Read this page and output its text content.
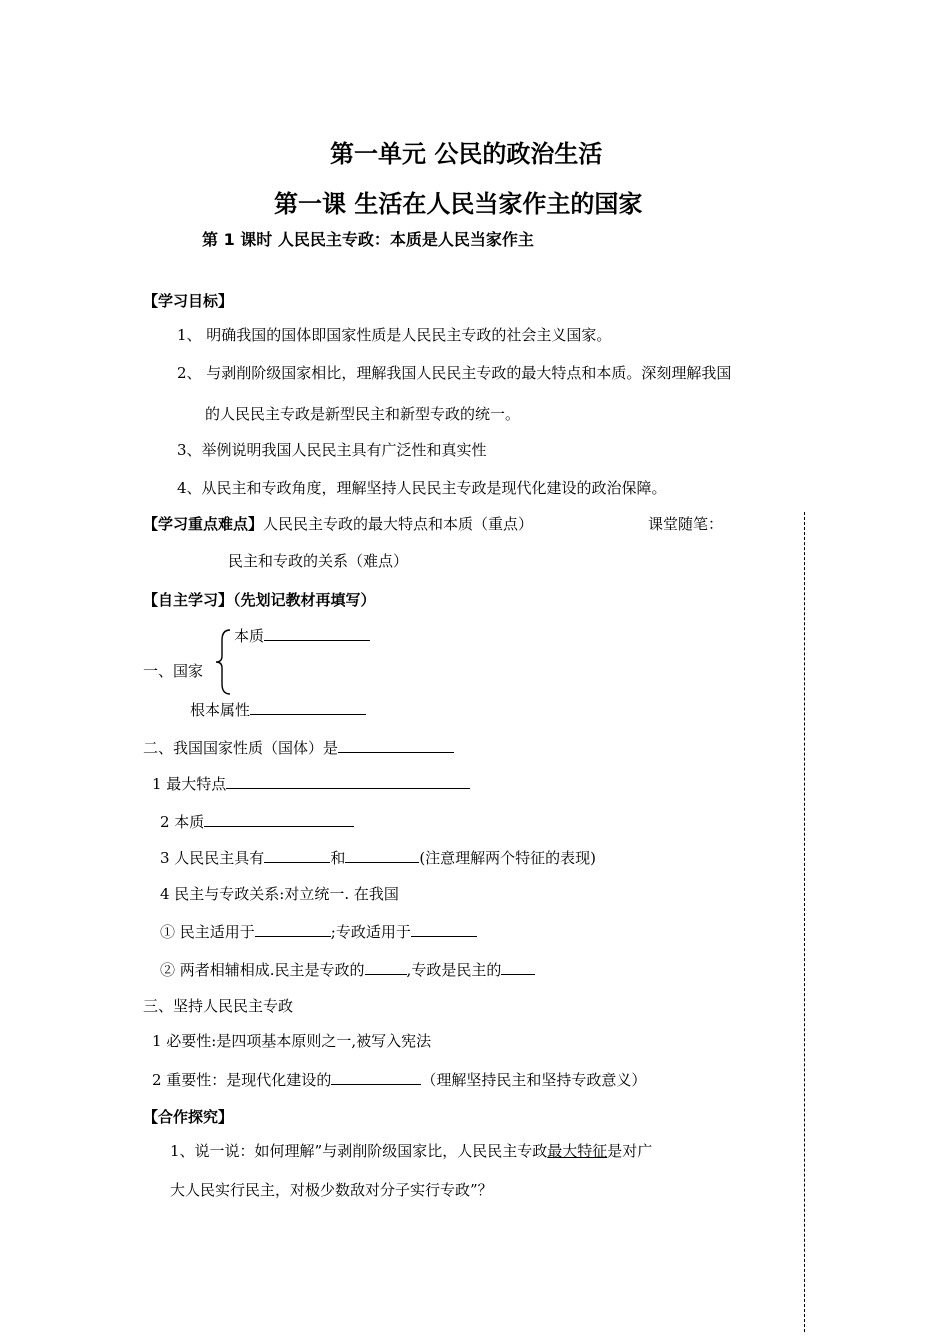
第一单元 公民的政治生活
第一课 生活在人民当家作主的国家
第 1 课时 人民民主专政：本质是人民当家作主
【学习目标】
1、 明确我国的国体即国家性质是人民民主专政的社会主义国家。
2、 与剥削阶级国家相比，理解我国人民民主专政的最大特点和本质。深刻理解我国
的人民民主专政是新型民主和新型专政的统一。
3、举例说明我国人民民主具有广泛性和真实性
4、从民主和专政角度，理解坚持人民民主专政是现代化建设的政治保障。
【学习重点难点】人民民主专政的最大特点和本质（重点）	课堂随笔：
民主和专政的关系（难点）
【自主学习】（先划记教材再填写）
本质
一、国家
根本属性
二、我国国家性质（国体）是
1 最大特点
2 本质
3 人民民主具有	和	(注意理解两个特征的表现)
4 民主与专政关系:对立统一. 在我国
① 民主适用于	;专政适用于
② 两者相辅相成.民主是专政的	,专政是民主的
三、坚持人民民主专政
1 必要性:是四项基本原则之一,被写入宪法
2 重要性：是现代化建设的	（理解坚持民主和坚持专政意义）
【合作探究】
1、说一说：如何理解”与剥削阶级国家比，人民民主专政最大特征是对广
大人民实行民主，对极少数敌对分子实行专政”？
